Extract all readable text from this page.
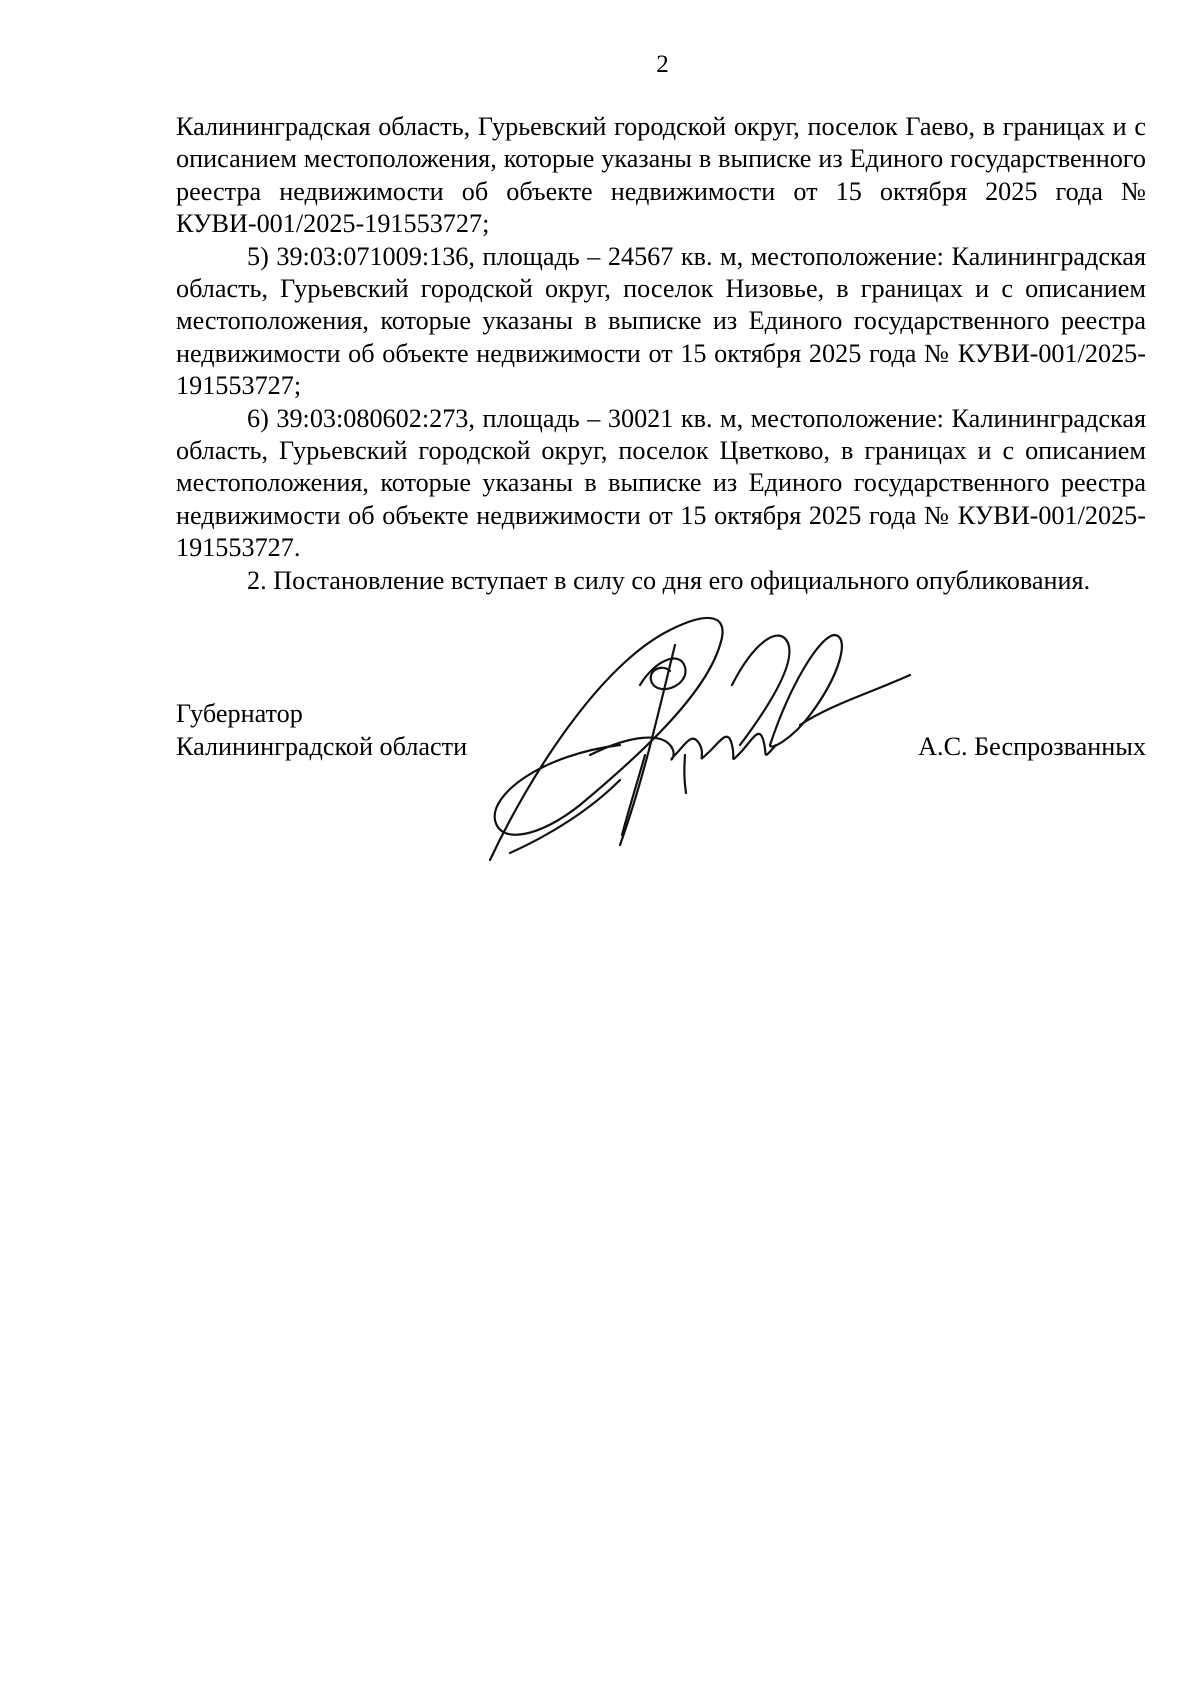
2

Калининградская область, Гурьевский городской округ, поселок Гаево, в границах и с описанием местоположения, которые указаны в выписке из Единого государственного реестра недвижимости об объекте недвижимости от 15 октября 2025 года № КУВИ-001/2025-191553727;

5) 39:03:071009:136, площадь – 24567 кв. м, местоположение: Калининградская область, Гурьевский городской округ, поселок Низовье, в границах и с описанием местоположения, которые указаны в выписке из Единого государственного реестра недвижимости об объекте недвижимости от 15 октября 2025 года № КУВИ-001/2025-191553727;

6) 39:03:080602:273, площадь – 30021 кв. м, местоположение: Калининградская область, Гурьевский городской округ, поселок Цветково, в границах и с описанием местоположения, которые указаны в выписке из Единого государственного реестра недвижимости об объекте недвижимости от 15 октября 2025 года № КУВИ-001/2025-191553727.

2. Постановление вступает в силу со дня его официального опубликования.

Губернатор
Калининградской области	А.С. Беспрозванных
